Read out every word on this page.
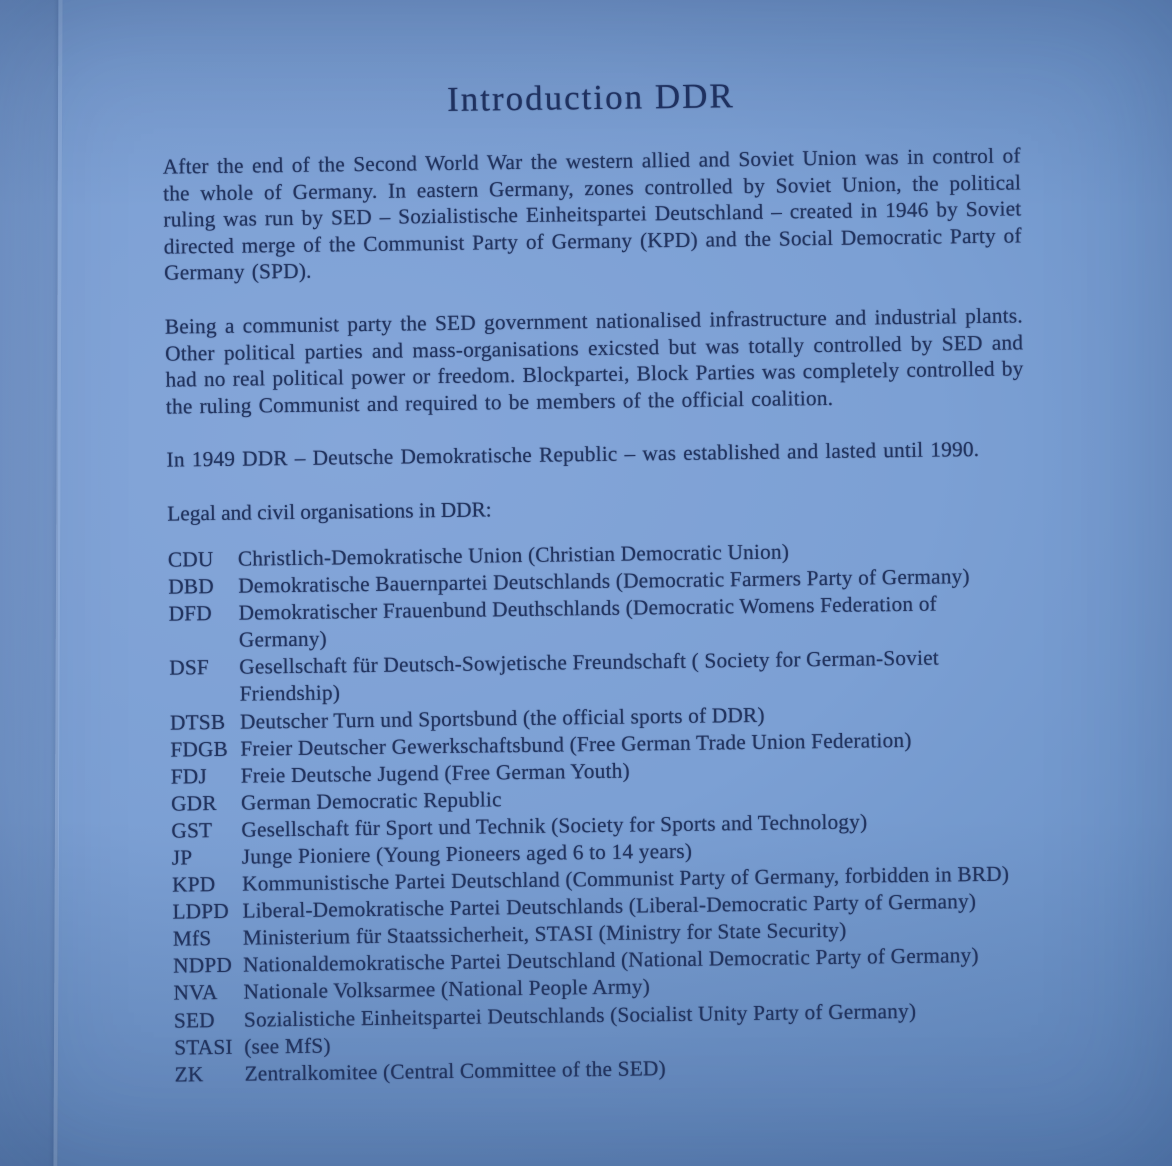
Introduction DDR

After the end of the Second World War the western allied and Soviet Union was in control of the whole of Germany. In eastern Germany, zones controlled by Soviet Union, the political ruling was run by SED – Sozialistische Einheitspartei Deutschland – created in 1946 by Soviet directed merge of the Communist Party of Germany (KPD) and the Social Democratic Party of Germany (SPD).

Being a communist party the SED government nationalised infrastructure and industrial plants. Other political parties and mass-organisations exicsted but was totally controlled by SED and had no real political power or freedom. Blockpartei, Block Parties was completely controlled by the ruling Communist and required to be members of the official coalition.

In 1949 DDR – Deutsche Demokratische Republic – was established and lasted until 1990.

Legal and civil organisations in DDR:

CDU	Christlich-Demokratische Union (Christian Democratic Union)
DBD	Demokratische Bauernpartei Deutschlands (Democratic Farmers Party of Germany)
DFD	Demokratischer Frauenbund Deuthschlands (Democratic Womens Federation of Germany)
DSF	Gesellschaft für Deutsch-Sowjetische Freundschaft ( Society for German-Soviet Friendship)
DTSB Deutscher Turn und Sportsbund (the official sports of DDR)
FDGB Freier Deutscher Gewerkschaftsbund (Free German Trade Union Federation)
FDJ	Freie Deutsche Jugend (Free German Youth)
GDR	German Democratic Republic
GST	Gesellschaft für Sport und Technik (Society for Sports and Technology)
JP	Junge Pioniere (Young Pioneers aged 6 to 14 years)
KPD	Kommunistische Partei Deutschland (Communist Party of Germany, forbidden in BRD)
LDPD Liberal-Demokratische Partei Deutschlands (Liberal-Democratic Party of Germany)
MfS	Ministerium für Staatssicherheit, STASI (Ministry for State Security)
NDPD Nationaldemokratische Partei Deutschland (National Democratic Party of Germany)
NVA	Nationale Volksarmee (National People Army)
SED	Sozialistiche Einheitspartei Deutschlands (Socialist Unity Party of Germany)
STASI (see MfS)
ZK	Zentralkomitee (Central Committee of the SED)
